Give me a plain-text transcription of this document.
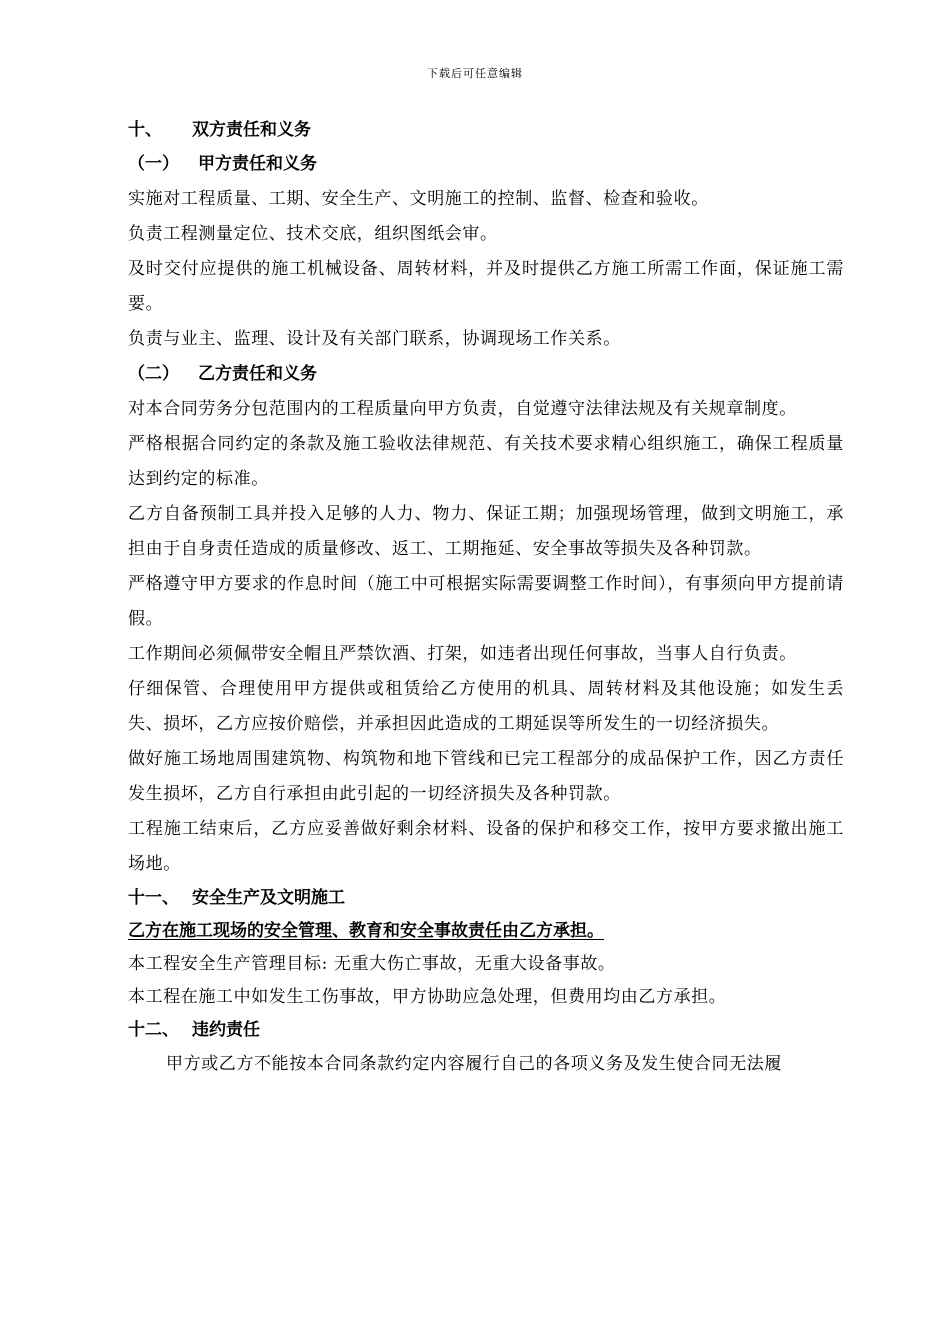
下载后可任意编辑
十、 双方责任和义务
（一） 甲方责任和义务

实施对工程质量、工期、安全生产、文明施工的控制、监督、检查和验收。

负责工程测量定位、技术交底，组织图纸会审。

及时交付应提供的施工机械设备、周转材料，并及时提供乙方施工所需工作面，保证施工需要。

负责与业主、监理、设计及有关部门联系，协调现场工作关系。

（二） 乙方责任和义务

对本合同劳务分包范围内的工程质量向甲方负责，自觉遵守法律法规及有关规章制度。

严格根据合同约定的条款及施工验收法律规范、有关技术要求精心组织施工，确保工程质量达到约定的标准。

乙方自备预制工具并投入足够的人力、物力、保证工期；加强现场管理，做到文明施工，承担由于自身责任造成的质量修改、返工、工期拖延、安全事故等损失及各种罚款。

严格遵守甲方要求的作息时间（施工中可根据实际需要调整工作时间），有事须向甲方提前请假。

工作期间必须佩带安全帽且严禁饮酒、打架，如违者出现任何事故，当事人自行负责。

仔细保管、合理使用甲方提供或租赁给乙方使用的机具、周转材料及其他设施；如发生丢失、损坏，乙方应按价赔偿，并承担因此造成的工期延误等所发生的一切经济损失。

做好施工场地周围建筑物、构筑物和地下管线和已完工程部分的成品保护工作，因乙方责任发生损坏，乙方自行承担由此引起的一切经济损失及各种罚款。

工程施工结束后，乙方应妥善做好剩余材料、设备的保护和移交工作，按甲方要求撤出施工场地。

十一、 安全生产及文明施工
乙方在施工现场的安全管理、教育和安全事故责任由乙方承担。

本工程安全生产管理目标: 无重大伤亡事故，无重大设备事故。

本工程在施工中如发生工伤事故，甲方协助应急处理，但费用均由乙方承担。

十二、 违约责任

甲方或乙方不能按本合同条款约定内容履行自己的各项义务及发生使合同无法履
